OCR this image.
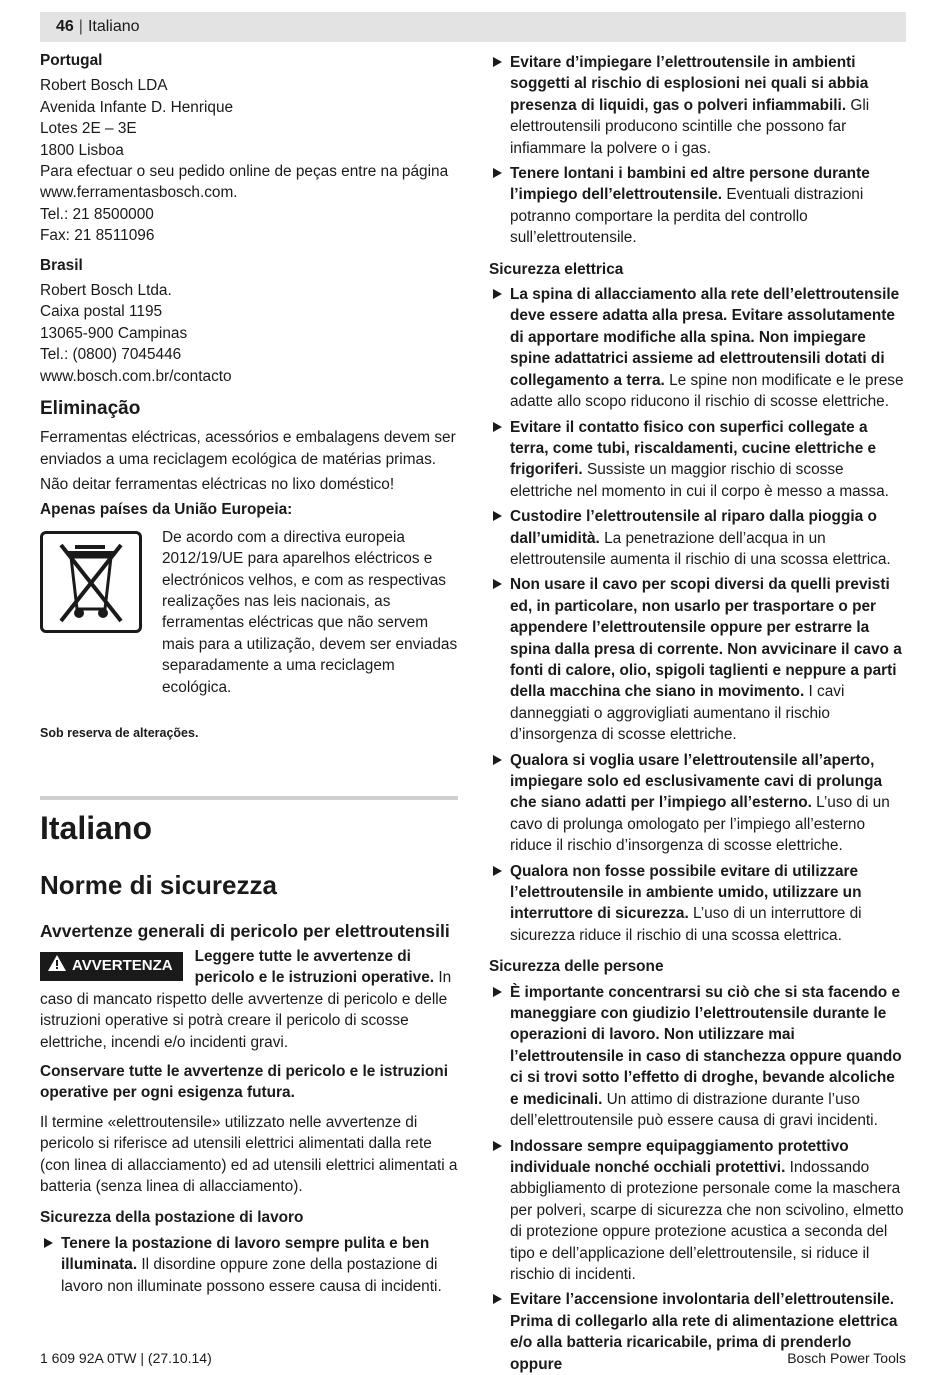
46 | Italiano

Portugal

Robert Bosch LDA

Avenida Infante D. Henrique

Lotes 2E – 3E

1800 Lisboa

Para efectuar o seu pedido online de peças entre na página

www.ferramentasbosch.com.

Tel.: 21 8500000

Fax: 21 8511096

Brasil

Robert Bosch Ltda.

Caixa postal 1195

13065-900 Campinas

Tel.: (0800) 7045446

www.bosch.com.br/contacto

Eliminação

Ferramentas eléctricas, acessórios e embalagens devem ser enviados a uma reciclagem ecológica de matérias primas.

Não deitar ferramentas eléctricas no lixo doméstico!

Apenas países da União Europeia:

De acordo com a directiva europeia 2012/19/UE para aparelhos eléctricos e electrónicos velhos, e com as respectivas realizações nas leis nacionais, as ferramentas eléctricas que não servem mais para a utilização, devem ser enviadas separadamente a uma reciclagem ecológica.

Sob reserva de alterações.

Italiano

Norme di sicurezza

Avvertenze generali di pericolo per elettroutensili

AVVERTENZA

Leggere tutte le avvertenze di pericolo e le istruzioni operative. In caso di mancato rispetto delle avvertenze di pericolo e delle istruzioni operative si potrà creare il pericolo di scosse elettriche, incendi e/o incidenti gravi.

Conservare tutte le avvertenze di pericolo e le istruzioni operative per ogni esigenza futura.

Il termine «elettroutensile» utilizzato nelle avvertenze di pericolo si riferisce ad utensili elettrici alimentati dalla rete (con linea di allacciamento) ed ad utensili elettrici alimentati a batteria (senza linea di allacciamento).

Sicurezza della postazione di lavoro

Tenere la postazione di lavoro sempre pulita e ben illuminata. Il disordine oppure zone della postazione di lavoro non illuminate possono essere causa di incidenti.
Evitare d’impiegare l’elettroutensile in ambienti soggetti al rischio di esplosioni nei quali si abbia presenza di liquidi, gas o polveri infiammabili. Gli elettroutensili producono scintille che possono far infiammare la polvere o i gas.
Tenere lontani i bambini ed altre persone durante l’impiego dell’elettroutensile. Eventuali distrazioni potranno comportare la perdita del controllo sull’elettroutensile.

Sicurezza elettrica

La spina di allacciamento alla rete dell’elettroutensile deve essere adatta alla presa. Evitare assolutamente di apportare modifiche alla spina. Non impiegare spine adattatrici assieme ad elettroutensili dotati di collegamento a terra. Le spine non modificate e le prese adatte allo scopo riducono il rischio di scosse elettriche.
Evitare il contatto fisico con superfici collegate a terra, come tubi, riscaldamenti, cucine elettriche e frigoriferi. Sussiste un maggior rischio di scosse elettriche nel momento in cui il corpo è messo a massa.
Custodire l’elettroutensile al riparo dalla pioggia o dall’umidità. La penetrazione dell’acqua in un elettroutensile aumenta il rischio di una scossa elettrica.
Non usare il cavo per scopi diversi da quelli previsti ed, in particolare, non usarlo per trasportare o per appendere l’elettroutensile oppure per estrarre la spina dalla presa di corrente. Non avvicinare il cavo a fonti di calore, olio, spigoli taglienti e neppure a parti della macchina che siano in movimento. I cavi danneggiati o aggrovigliati aumentano il rischio d’insorgenza di scosse elettriche.
Qualora si voglia usare l’elettroutensile all’aperto, impiegare solo ed esclusivamente cavi di prolunga che siano adatti per l’impiego all’esterno. L’uso di un cavo di prolunga omologato per l’impiego all’esterno riduce il rischio d’insorgenza di scosse elettriche.
Qualora non fosse possibile evitare di utilizzare l’elettroutensile in ambiente umido, utilizzare un interruttore di sicurezza. L’uso di un interruttore di sicurezza riduce il rischio di una scossa elettrica.

Sicurezza delle persone

È importante concentrarsi su ciò che si sta facendo e maneggiare con giudizio l’elettroutensile durante le operazioni di lavoro. Non utilizzare mai l’elettroutensile in caso di stanchezza oppure quando ci si trovi sotto l’effetto di droghe, bevande alcoliche e medicinali. Un attimo di distrazione durante l’uso dell’elettroutensile può essere causa di gravi incidenti.
Indossare sempre equipaggiamento protettivo individuale nonché occhiali protettivi. Indossando abbigliamento di protezione personale come la maschera per polveri, scarpe di sicurezza che non scivolino, elmetto di protezione oppure protezione acustica a seconda del tipo e dell’applicazione dell’elettroutensile, si riduce il rischio di incidenti.
Evitare l’accensione involontaria dell’elettroutensile. Prima di collegarlo alla rete di alimentazione elettrica e/o alla batteria ricaricabile, prima di prenderlo oppure
1 609 92A 0TW | (27.10.14)	Bosch Power Tools
